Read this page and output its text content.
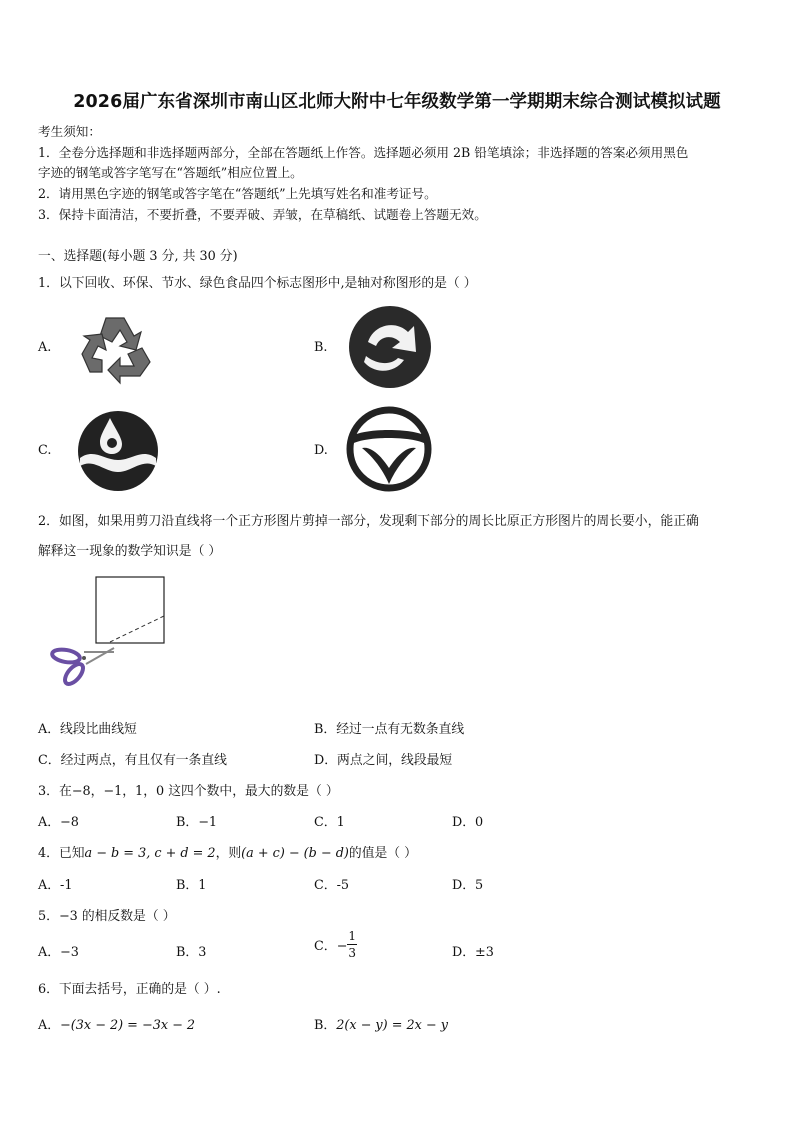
2026届广东省深圳市南山区北师大附中七年级数学第一学期期末综合测试模拟试题
考生须知：
1．全卷分选择题和非选择题两部分，全部在答题纸上作答。选择题必须用 2B 铅笔填涂；非选择题的答案必须用黑色
字迹的钢笔或答字笔写在“答题纸”相应位置上。
2．请用黑色字迹的钢笔或答字笔在“答题纸”上先填写姓名和准考证号。
3．保持卡面清洁，不要折叠，不要弄破、弄皱，在草稿纸、试题卷上答题无效。
一、选择题(每小题 3 分, 共 30 分)
1．以下回收、环保、节水、绿色食品四个标志图形中,是轴对称图形的是（ ）
A.	B.
C.	D.
2．如图，如果用剪刀沿直线将一个正方形图片剪掉一部分，发现剩下部分的周长比原正方形图片的周长要小，能正确
解释这一现象的数学知识是（ ）
A．线段比曲线短	B．经过一点有无数条直线
C．经过两点，有且仅有一条直线	D．两点之间，线段最短
3．在−8，−1，1，0 这四个数中，最大的数是（ ）
A．−8	B．−1	C．1	D．0
4．已知a − b = 3, c + d = 2，则(a + c) − (b − d)的值是（ ）
A．-1	B．1	C．-5	D．5
5．−3 的相反数是（ ）
A．−3	B．3	C．− $\frac{1}{3}$	D．±3
6．下面去括号，正确的是（ ）.
A．−(3x − 2) = −3x − 2	B．2(x − y) = 2x − y
